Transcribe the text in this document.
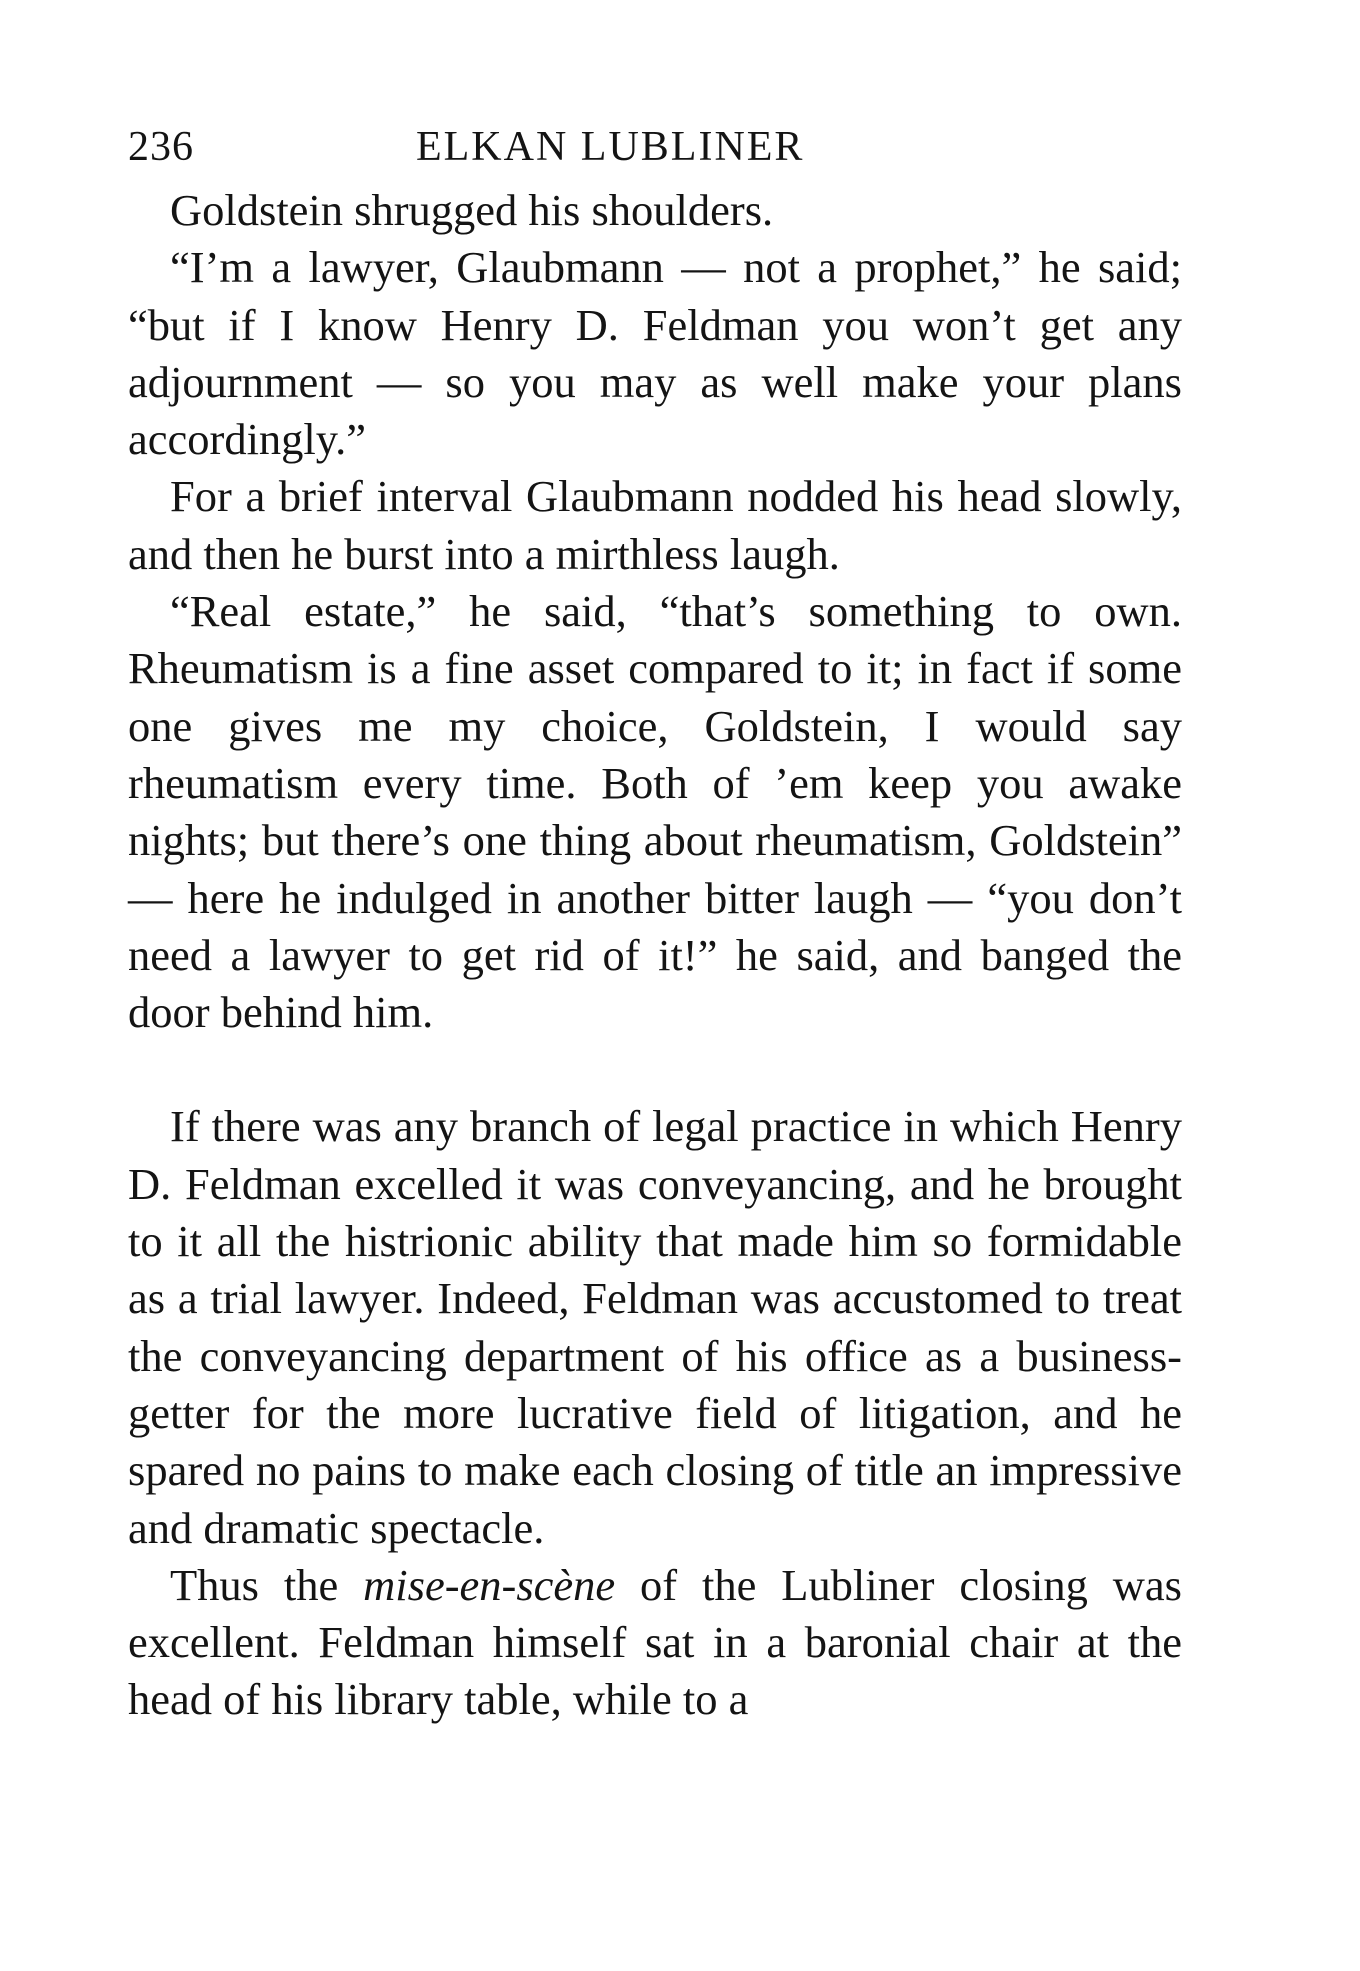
236	ELKAN LUBLINER

Goldstein shrugged his shoulders.

“I’m a lawyer, Glaubmann — not a prophet,” he said; “but if I know Henry D. Feldman you won’t get any adjournment — so you may as well make your plans accordingly.”

For a brief interval Glaubmann nodded his head slowly, and then he burst into a mirthless laugh.

“Real estate,” he said, “that’s something to own. Rheumatism is a fine asset compared to it; in fact if some one gives me my choice, Goldstein, I would say rheumatism every time. Both of ’em keep you awake nights; but there’s one thing about rheumatism, Goldstein” — here he indulged in another bitter laugh — “you don’t need a lawyer to get rid of it!” he said, and banged the door behind him.

If there was any branch of legal practice in which Henry D. Feldman excelled it was conveyancing, and he brought to it all the histrionic ability that made him so formidable as a trial lawyer. Indeed, Feldman was accustomed to treat the conveyancing department of his office as a business-getter for the more lucrative field of litigation, and he spared no pains to make each closing of title an impressive and dramatic spectacle.

Thus the mise-en-scène of the Lubliner closing was excellent. Feldman himself sat in a baronial chair at the head of his library table, while to a
